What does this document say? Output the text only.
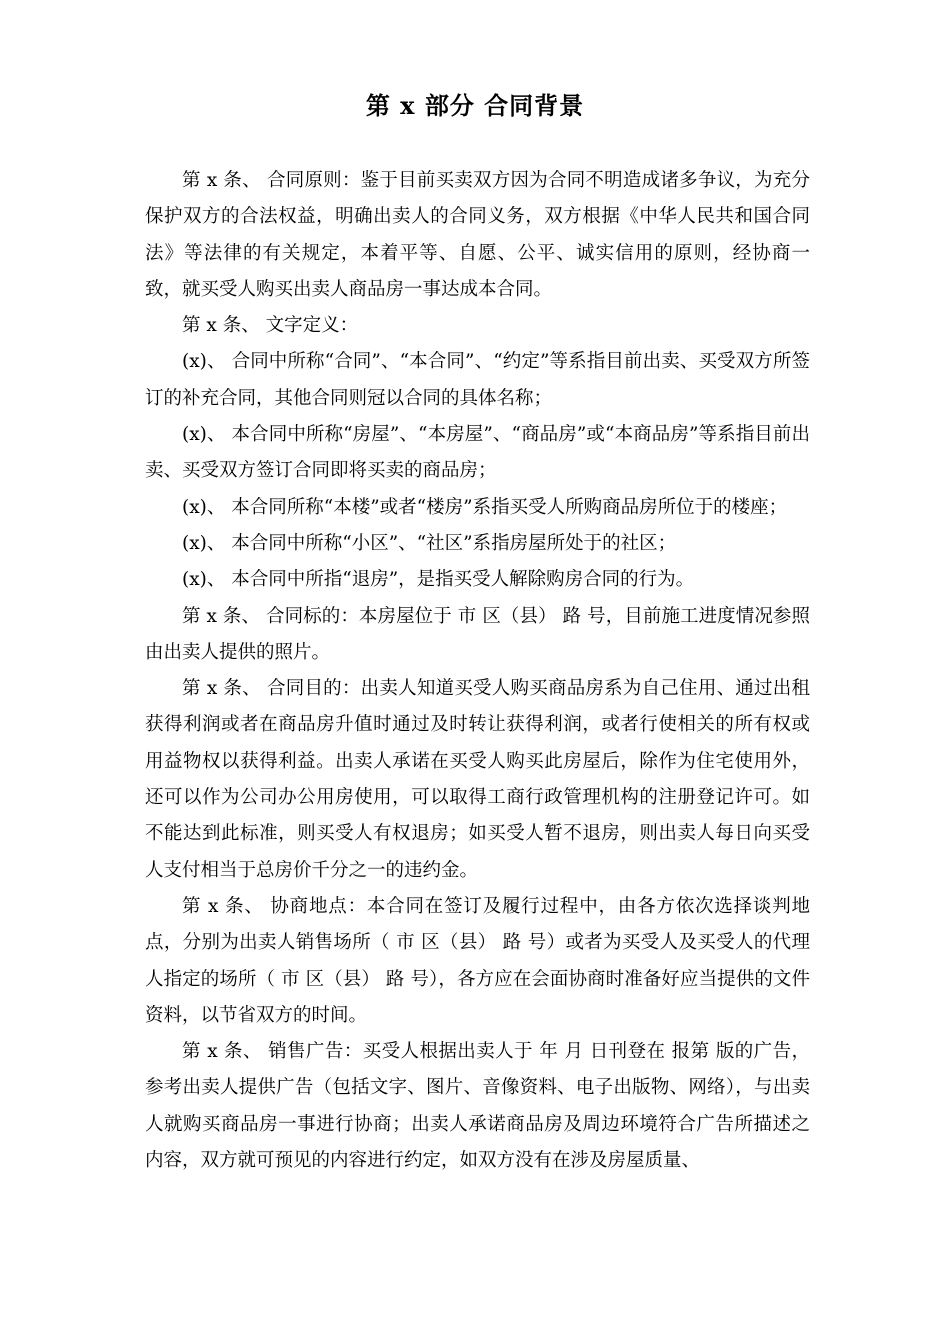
第 x 部分 合同背景

第 x 条、 合同原则：鉴于目前买卖双方因为合同不明造成诸多争议，为充分保护双方的合法权益，明确出卖人的合同义务，双方根据《中华人民共和国合同法》等法律的有关规定，本着平等、自愿、公平、诚实信用的原则，经协商一致，就买受人购买出卖人商品房一事达成本合同。

第 x 条、 文字定义：

(x)、 合同中所称“合同”、“本合同”、“约定”等系指目前出卖、买受双方所签订的补充合同，其他合同则冠以合同的具体名称；

(x)、 本合同中所称“房屋”、“本房屋”、“商品房”或“本商品房”等系指目前出卖、买受双方签订合同即将买卖的商品房；

(x)、 本合同所称“本楼”或者“楼房”系指买受人所购商品房所位于的楼座；

(x)、 本合同中所称“小区”、“社区”系指房屋所处于的社区；

(x)、 本合同中所指“退房”，是指买受人解除购房合同的行为。

第 x 条、 合同标的：本房屋位于 市 区（县） 路 号，目前施工进度情况参照由出卖人提供的照片。

第 x 条、 合同目的：出卖人知道买受人购买商品房系为自己住用、通过出租获得利润或者在商品房升值时通过及时转让获得利润，或者行使相关的所有权或用益物权以获得利益。出卖人承诺在买受人购买此房屋后，除作为住宅使用外，还可以作为公司办公用房使用，可以取得工商行政管理机构的注册登记许可。如不能达到此标准，则买受人有权退房；如买受人暂不退房，则出卖人每日向买受人支付相当于总房价千分之一的违约金。

第 x 条、 协商地点：本合同在签订及履行过程中，由各方依次选择谈判地点，分别为出卖人销售场所（ 市 区（县） 路 号）或者为买受人及买受人的代理人指定的场所（ 市 区（县） 路 号），各方应在会面协商时准备好应当提供的文件资料，以节省双方的时间。

第 x 条、 销售广告：买受人根据出卖人于 年 月 日刊登在 报第 版的广告，参考出卖人提供广告（包括文字、图片、音像资料、电子出版物、网络），与出卖人就购买商品房一事进行协商；出卖人承诺商品房及周边环境符合广告所描述之内容，双方就可预见的内容进行约定，如双方没有在涉及房屋质量、
